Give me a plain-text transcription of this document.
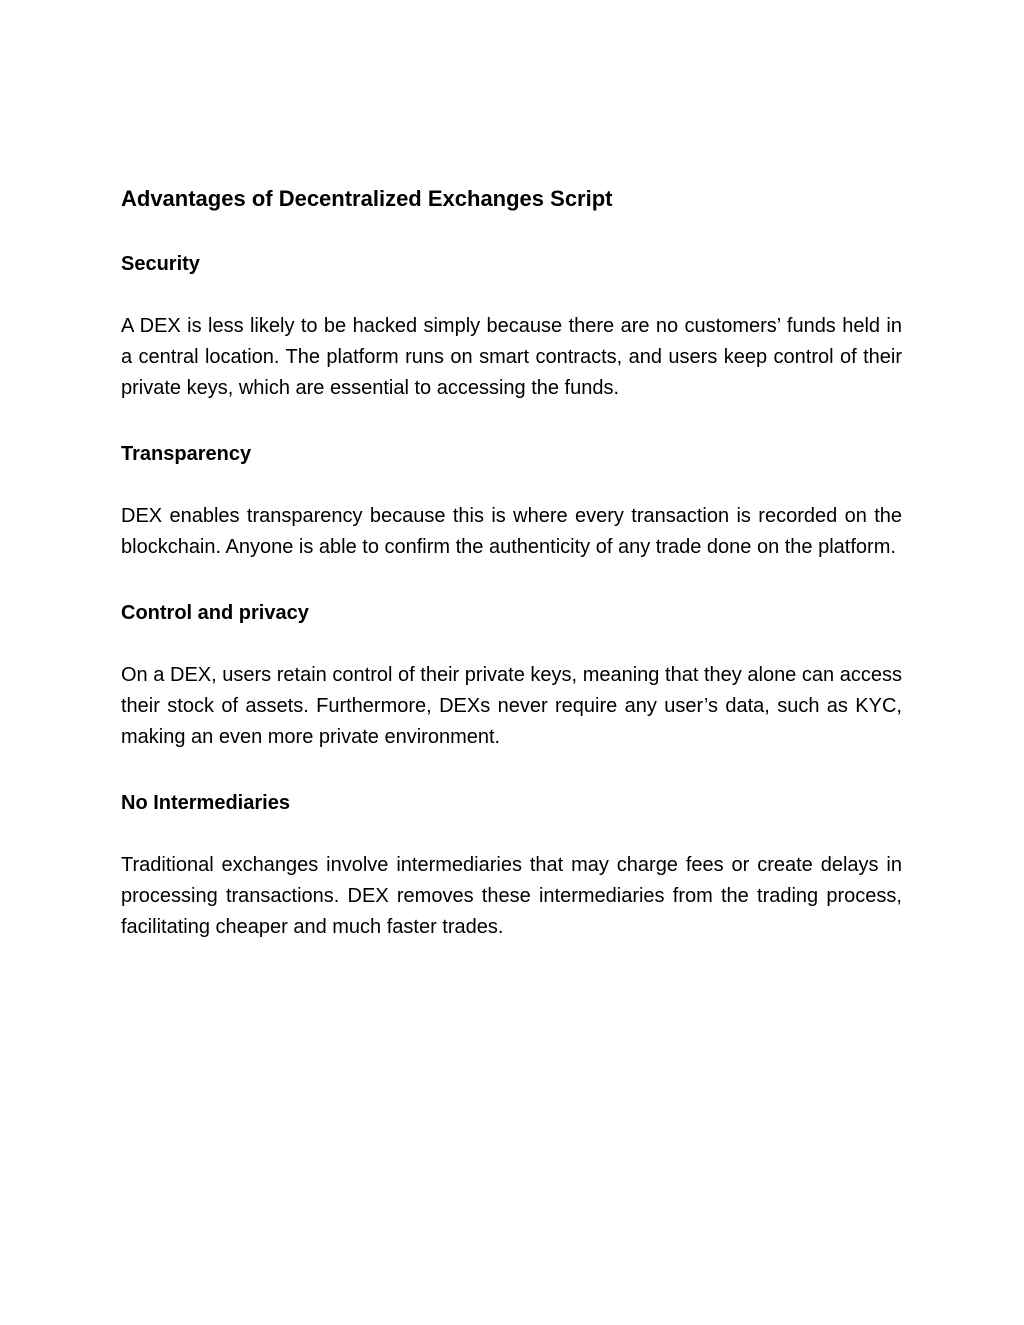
Advantages of Decentralized Exchanges Script
Security

A DEX is less likely to be hacked simply because there are no customers’ funds held in a central location. The platform runs on smart contracts, and users keep control of their private keys, which are essential to accessing the funds.

Transparency

DEX enables transparency because this is where every transaction is recorded on the blockchain. Anyone is able to confirm the authenticity of any trade done on the platform.

Control and privacy

On a DEX, users retain control of their private keys, meaning that they alone can access their stock of assets. Furthermore, DEXs never require any user’s data, such as KYC, making an even more private environment.

No Intermediaries

Traditional exchanges involve intermediaries that may charge fees or create delays in processing transactions. DEX removes these intermediaries from the trading process, facilitating cheaper and much faster trades.
